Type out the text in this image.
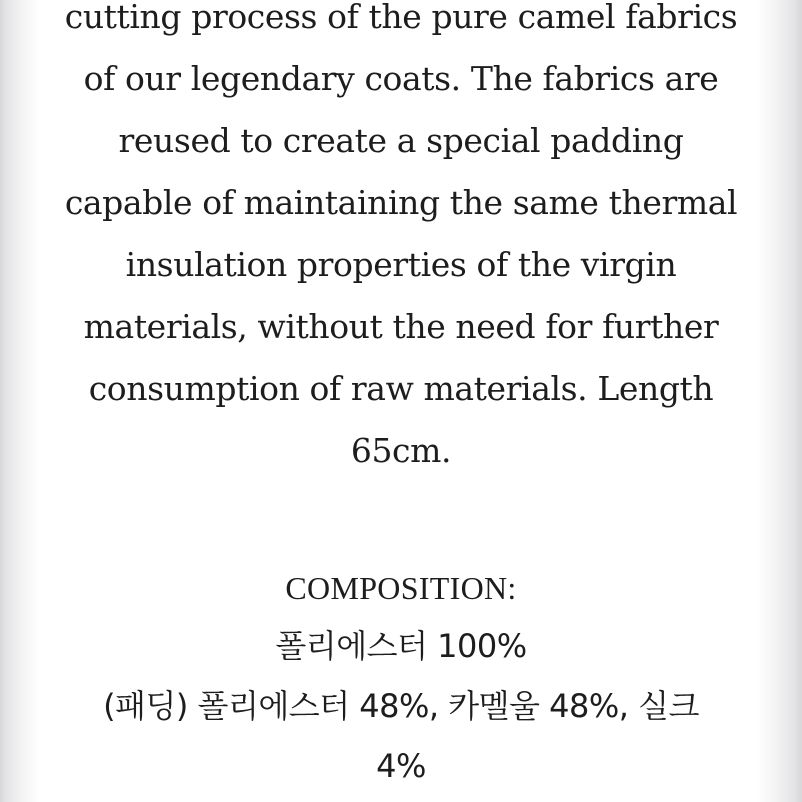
cutting process of the pure camel fabrics
of our legendary coats. The fabrics are
reused to create a special padding
capable of maintaining the same thermal
insulation properties of the virgin
materials, without the need for further
consumption of raw materials. Length
65cm.

COMPOSITION:

폴리에스터 100%

(패딩) 폴리에스터 48%, 카멜울 48%, 실크

4%
